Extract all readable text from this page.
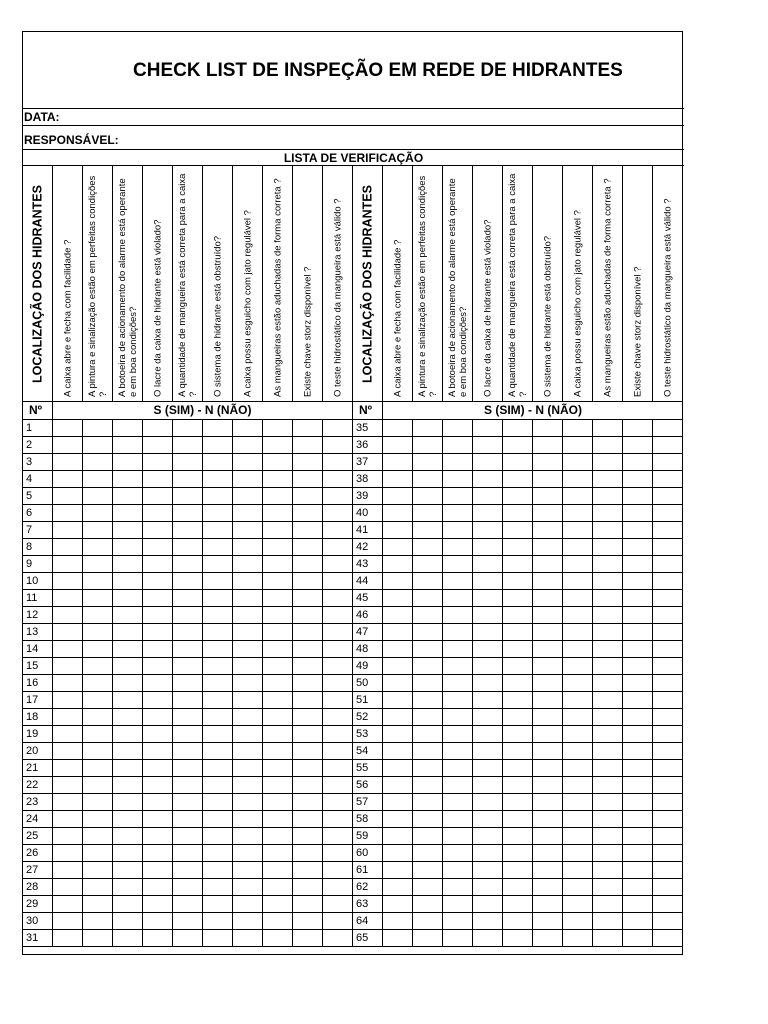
CHECK LIST DE INSPEÇÃO EM REDE DE HIDRANTES
DATA:
RESPONSÁVEL:
LISTA DE VERIFICAÇÃO
LOCALIZAÇÃO DOS HIDRANTES A caixa abre e fecha com facilidade ? A pintura e sinalização estão em perfeitas condições ? A botoeira de acionamento do alarme está operante e em boa condições? O lacre da caixa de hidrante está violado? A quantidade de mangueira está correta para a caixa ? O sistema de hidrante está obstruído? A caixa possu esguicho com jato regulável ? As mangueiras estão aduchadas de forma correta ? Existe chave storz disponível ? O teste hidrostático da mangueira está válido ?
Nº	S (SIM) - N (NÃO)
1
2
3
4
5
6
7
8
9
10
11
12
13
14
15
16
17
18
19
20
21
22
23
24
25
26
27
28
29
30
31
LOCALIZAÇÃO DOS HIDRANTES A caixa abre e fecha com facilidade ? A pintura e sinalização estão em perfeitas condições ? A botoeira de acionamento do alarme está operante e em boa condições? O lacre da caixa de hidrante está violado? A quantidade de mangueira está correta para a caixa ? O sistema de hidrante está obstruído? A caixa possu esguicho com jato regulável ? As mangueiras estão aduchadas de forma correta ? Existe chave storz disponível ? O teste hidrostático da mangueira está válido ?
Nº	S (SIM) - N (NÃO)
35
36
37
38
39
40
41
42
43
44
45
46
47
48
49
50
51
52
53
54
55
56
57
58
59
60
61
62
63
64
65
